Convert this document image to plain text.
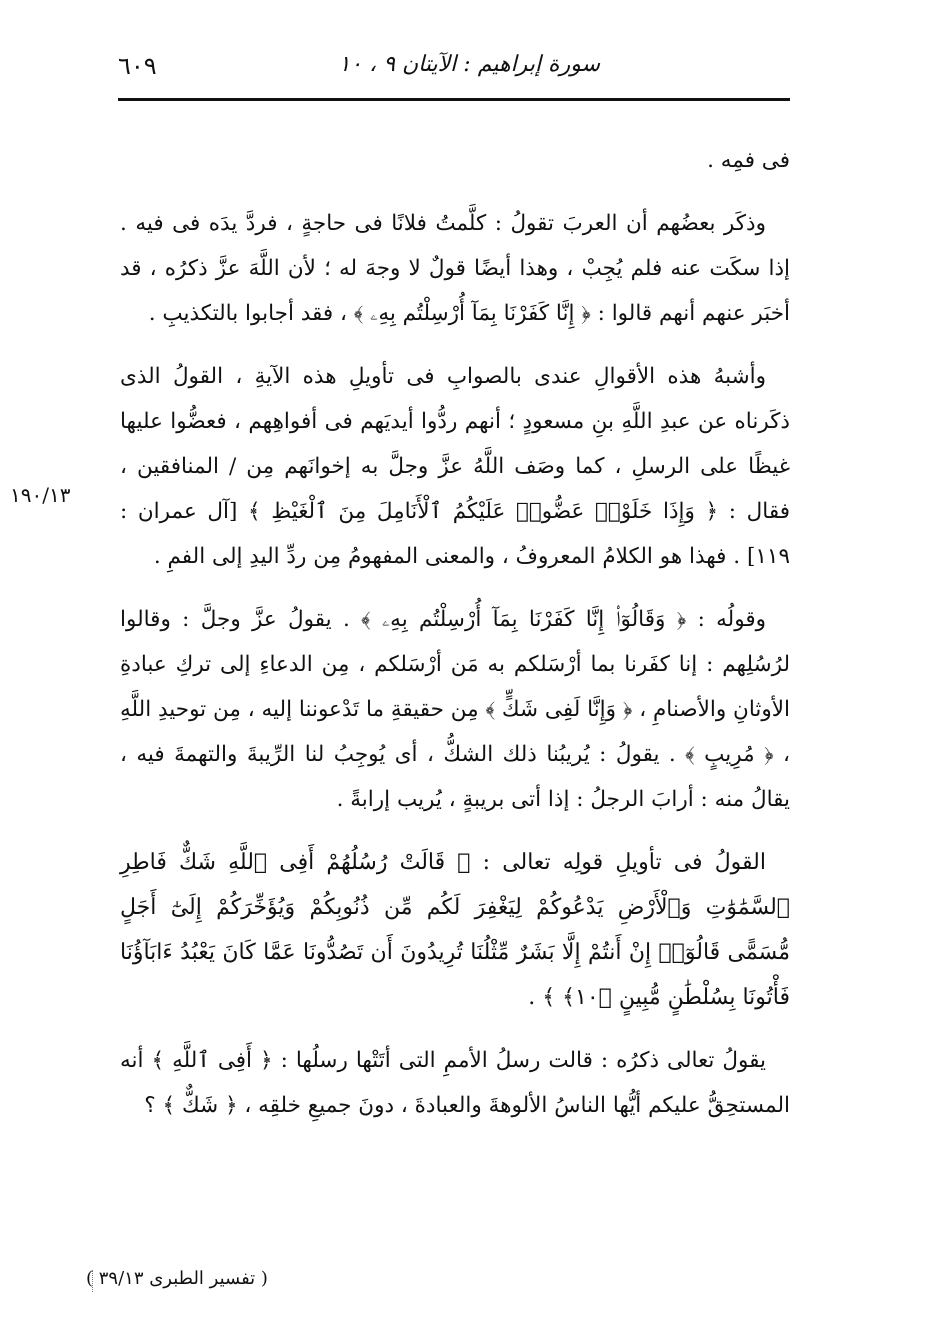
سورة إبراهيم : الآيتان ٩ ، ١٠
٦٠٩
١٩٠/١٣

فى فمِه .

وذكَر بعضُهم أن العربَ تقولُ : كلَّمتُ فلانًا فى حاجةٍ ، فردَّ يدَه فى فيه . إذا سكَت عنه فلم يُجِبْ ، وهذا أيضًا قولٌ لا وجهَ له ؛ لأن اللَّهَ عزَّ ذكرُه ، قد أخبَر عنهم أنهم قالوا : ﴿ إِنَّا كَفَرْنَا بِمَآ أُرْسِلْتُم بِهِۦ ﴾ ، فقد أجابوا بالتكذيبِ .

وأشبهُ هذه الأقوالِ عندى بالصوابِ فى تأويلِ هذه الآيةِ ، القولُ الذى ذكَرناه عن عبدِ اللَّهِ بنِ مسعودٍ ؛ أنهم ردُّوا أيديَهم فى أفواهِهم ، فعضُّوا عليها غيظًا على الرسلِ ، كما وصَف اللَّهُ عزَّ وجلَّ به إخوانَهم مِن / المنافقين ، فقال : ﴿ وَإِذَا خَلَوْا۟ عَضُّوا۟ عَلَيْكُمُ ٱلْأَنَامِلَ مِنَ ٱلْغَيْظِ ﴾ [آل عمران : ١١٩] . فهذا هو الكلامُ المعروفُ ، والمعنى المفهومُ مِن ردِّ اليدِ إلى الفمِ .

وقولُه : ﴿ وَقَالُوٓا۟ إِنَّا كَفَرْنَا بِمَآ أُرْسِلْتُم بِهِۦ ﴾ . يقولُ عزَّ وجلَّ : وقالوا لرُسُلِهم : إنا كفَرنا بما أرْسَلكم به مَن أرْسَلكم ، مِن الدعاءِ إلى تركِ عبادةِ الأوثانِ والأصنامِ ، ﴿ وَإِنَّا لَفِى شَكٍّ ﴾ مِن حقيقةِ ما تَدْعوننا إليه ، مِن توحيدِ اللَّهِ ، ﴿ مُرِيبٍ ﴾ . يقولُ : يُريبُنا ذلك الشكُّ ، أى يُوجِبُ لنا الرِّيبةَ والتهمةَ فيه ، يقالُ منه : أرابَ الرجلُ : إذا أتى بريبةٍ ، يُريب إرابةً .

القولُ فى تأويلِ قولِه تعالى : ﴿ قَالَتْ رُسُلُهُمْ أَفِى ٱللَّهِ شَكٌّ فَاطِرِ ٱلسَّمَٰوَٰتِ وَٱلْأَرْضِ يَدْعُوكُمْ لِيَغْفِرَ لَكُم مِّن ذُنُوبِكُمْ وَيُؤَخِّرَكُمْ إِلَىٰٓ أَجَلٍ مُّسَمًّى قَالُوٓا۟ إِنْ أَنتُمْ إِلَّا بَشَرٌ مِّثْلُنَا تُرِيدُونَ أَن تَصُدُّونَا عَمَّا كَانَ يَعْبُدُ ءَابَآؤُنَا فَأْتُونَا بِسُلْطَٰنٍ مُّبِينٍ ﴿١٠﴾ ﴾ .

يقولُ تعالى ذكرُه : قالت رسلُ الأممِ التى أتَتْها رسلُها : ﴿ أَفِى ٱللَّهِ ﴾ أنه المستحِقُّ عليكم أيُّها الناسُ الألوهةَ والعبادةَ ، دونَ جميعِ خلقِه ، ﴿ شَكٌّ ﴾ ؟

( تفسير الطبرى ٣٩/١٣ )
